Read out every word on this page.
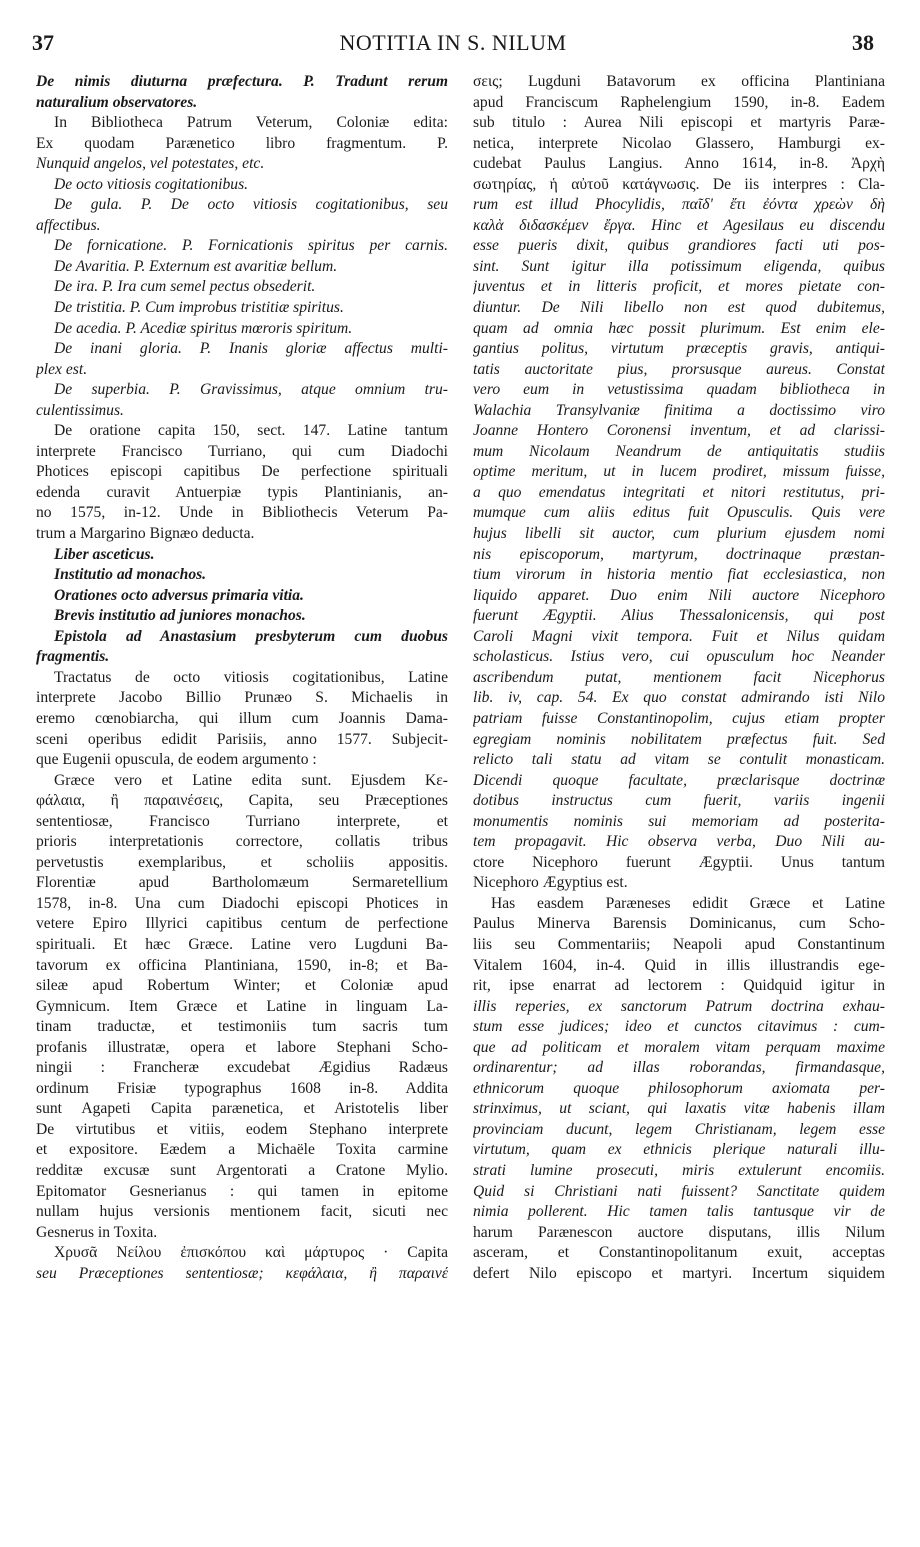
37	NOTITIA IN S. NILUM	38
De nimis diuturna præfectura. P. Tradunt rerum
naturalium observatores.
In Bibliotheca Patrum Veterum, Coloniæ edita:
Ex quodam Parænetico libro fragmentum. P.
Nunquid angelos, vel potestates, etc.
De octo vitiosis cogitationibus.
De gula. P. De octo vitiosis cogitationibus, seu
affectibus.
De fornicatione. P. Fornicationis spiritus per carnis.
De Avaritia. P. Externum est avaritiæ bellum.
De ira. P. Ira cum semel pectus obsederit.
De tristitia. P. Cum improbus tristitiæ spiritus.
De acedia. P. Acediæ spiritus mœroris spiritum.
De inani gloria. P. Inanis gloriæ affectus multi-
plex est.
De superbia. P. Gravissimus, atque omnium tru-
culentissimus.
De oratione capita 150, sect. 147. Latine tantum
interprete Francisco Turriano, qui cum Diadochi
Photices episcopi capitibus De perfectione spirituali
edenda curavit Antuerpiæ typis Plantinianis, an-
no 1575, in-12. Unde in Bibliothecis Veterum Pa-
trum a Margarino Bignæo deducta.
Liber asceticus.
Institutio ad monachos.
Orationes octo adversus primaria vitia.
Brevis institutio ad juniores monachos.
Epistola ad Anastasium presbyterum cum duobus
fragmentis.
Tractatus de octo vitiosis cogitationibus, Latine
interprete Jacobo Billio Prunæo S. Michaelis in
eremo cœnobiarcha, qui illum cum Joannis Dama-
sceni operibus edidit Parisiis, anno 1577. Subjecit-
que Eugenii opuscula, de eodem argumento :
Græce vero et Latine edita sunt. Ejusdem Κε-
φάλαια, ἢ παραινέσεις, Capita, seu Præceptiones
sententiosæ, Francisco Turriano interprete, et
prioris interpretationis correctore, collatis tribus
pervetustis exemplaribus, et scholiis appositis.
Florentiæ apud Bartholomæum Sermaretellium
1578, in-8. Una cum Diadochi episcopi Photices in
vetere Epiro Illyrici capitibus centum de perfectione
spirituali. Et hæc Græce. Latine vero Lugduni Ba-
tavorum ex officina Plantiniana, 1590, in-8; et Ba-
sileæ apud Robertum Winter; et Coloniæ apud
Gymnicum. Item Græce et Latine in linguam La-
tinam traductæ, et testimoniis tum sacris tum
profanis illustratæ, opera et labore Stephani Scho-
ningii : Francheræ excudebat Ægidius Radæus
ordinum Frisiæ typographus 1608 in-8. Addita
sunt Agapeti Capita parænetica, et Aristotelis liber
De virtutibus et vitiis, eodem Stephano interprete
et expositore. Eædem a Michaële Toxita carmine
redditæ excusæ sunt Argentorati a Cratone Mylio.
Epitomator Gesnerianus : qui tamen in epitome
nullam hujus versionis mentionem facit, sicuti nec
Gesnerus in Toxita.
Χρυσᾶ Νείλου ἐπισκόπου καὶ μάρτυρος · Capita
seu Præceptiones sententiosæ; κεφάλαια, ἢ παραινέ
σεις; Lugduni Batavorum ex officina Plantiniana
apud Franciscum Raphelengium 1590, in-8. Eadem
sub titulo : Aurea Nili episcopi et martyris Paræ-
netica, interprete Nicolao Glassero, Hamburgi ex-
cudebat Paulus Langius. Anno 1614, in-8. Ἀρχὴ
σωτηρίας, ἡ αὐτοῦ κατάγνωσις. De iis interpres : Cla-
rum est illud Phocylidis, παῖδ' ἔτι ἐόντα χρεὼν δὴ
καλὰ διδασκέμεν ἔργα. Hinc et Agesilaus eu discendu
esse pueris dixit, quibus grandiores facti uti pos-
sint. Sunt igitur illa potissimum eligenda, quibus
juventus et in litteris proficit, et mores pietate con-
diuntur. De Nili libello non est quod dubitemus,
quam ad omnia hæc possit plurimum. Est enim ele-
gantius politus, virtutum præceptis gravis, antiqui-
tatis auctoritate pius, prorsusque aureus. Constat
vero eum in vetustissima quadam bibliotheca in
Walachia Transylvaniæ finitima a doctissimo viro
Joanne Hontero Coronensi inventum, et ad clarissi-
mum Nicolaum Neandrum de antiquitatis studiis
optime meritum, ut in lucem prodiret, missum fuisse,
a quo emendatus integritati et nitori restitutus, pri-
mumque cum aliis editus fuit Opusculis. Quis vere
hujus libelli sit auctor, cum plurium ejusdem nomi
nis episcoporum, martyrum, doctrinaque præstan-
tium virorum in historia mentio fiat ecclesiastica, non
liquido apparet. Duo enim Nili auctore Nicephoro
fuerunt Ægyptii. Alius Thessalonicensis, qui post
Caroli Magni vixit tempora. Fuit et Nilus quidam
scholasticus. Istius vero, cui opusculum hoc Neander
ascribendum putat, mentionem facit Nicephorus
lib. iv, cap. 54. Ex quo constat admirando isti Nilo
patriam fuisse Constantinopolim, cujus etiam propter
egregiam nominis nobilitatem præfectus fuit. Sed
relicto tali statu ad vitam se contulit monasticam.
Dicendi quoque facultate, præclarisque doctrinæ
dotibus instructus cum fuerit, variis ingenii
monumentis nominis sui memoriam ad posterita-
tem propagavit. Hic observa verba, Duo Nili au-
ctore Nicephoro fuerunt Ægyptii. Unus tantum
Nicephoro Ægyptius est.
Has easdem Paræneses edidit Græce et Latine
Paulus Minerva Barensis Dominicanus, cum Scho-
liis seu Commentariis; Neapoli apud Constantinum
Vitalem 1604, in-4. Quid in illis illustrandis ege-
rit, ipse enarrat ad lectorem : Quidquid igitur in
illis reperies, ex sanctorum Patrum doctrina exhau-
stum esse judices; ideo et cunctos citavimus : cum-
que ad politicam et moralem vitam perquam maxime
ordinarentur; ad illas roborandas, firmandasque,
ethnicorum quoque philosophorum axiomata per-
strinximus, ut sciant, qui laxatis vitæ habenis illam
provinciam ducunt, legem Christianam, legem esse
virtutum, quam ex ethnicis plerique naturali illu-
strati lumine prosecuti, miris extulerunt encomiis.
Quid si Christiani nati fuissent? Sanctitate quidem
nimia pollerent. Hic tamen talis tantusque vir de
harum Parænescon auctore disputans, illis Nilum
asceram, et Constantinopolitanum exuit, acceptas
defert Nilo episcopo et martyri. Incertum siquidem
